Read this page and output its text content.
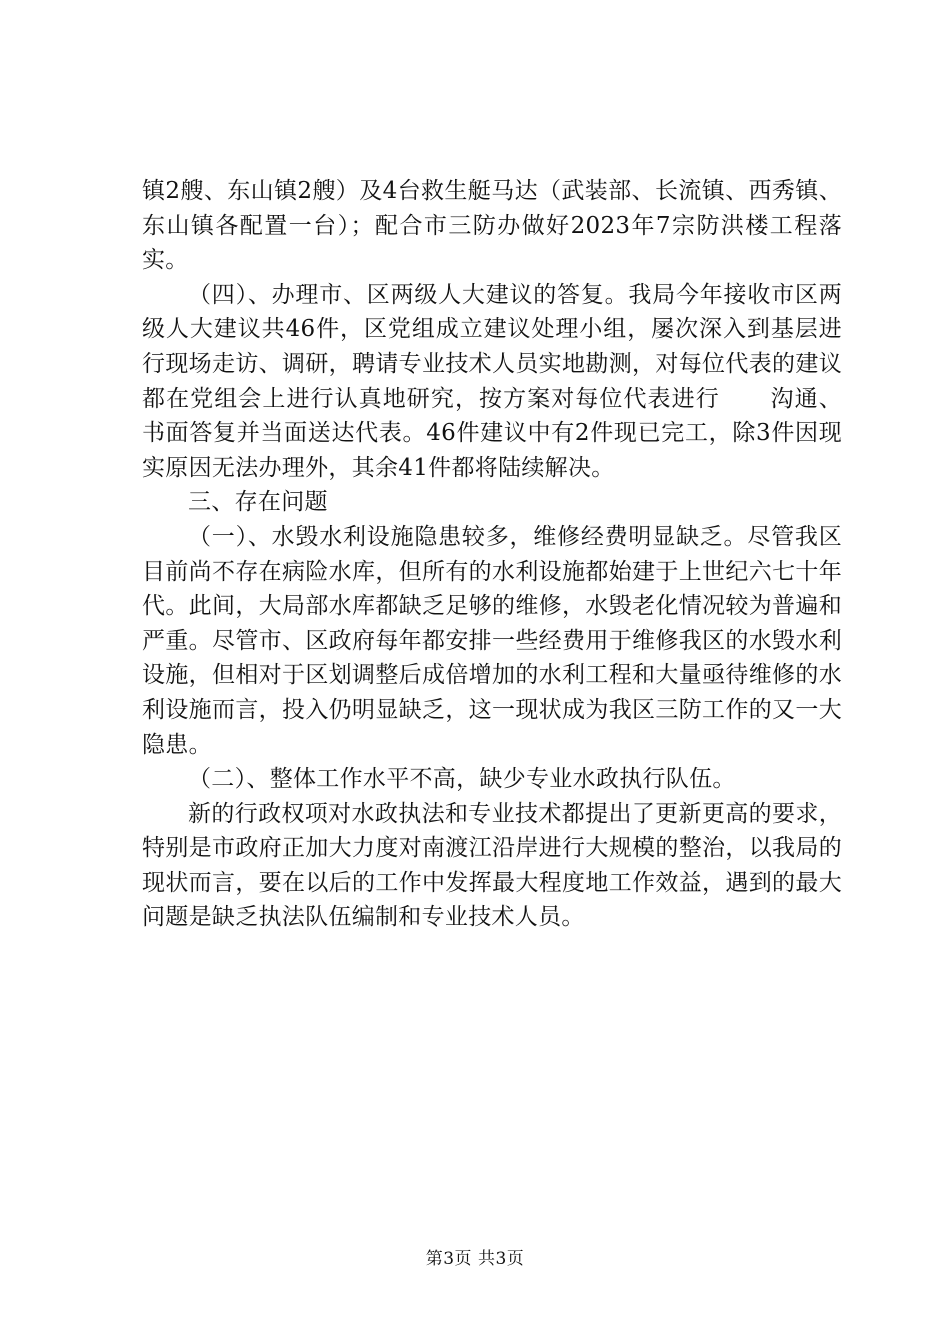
镇2艘、东山镇2艘）及4台救生艇马达（武装部、长流镇、西秀镇、东山镇各配置一台）；配合市三防办做好2023年7宗防洪楼工程落实。

（四）、办理市、区两级人大建议的答复。我局今年接收市区两级人大建议共46件，区党组成立建议处理小组，屡次深入到基层进行现场走访、调研，聘请专业技术人员实地勘测，对每位代表的建议都在党组会上进行认真地研究，按方案对每位代表进行 沟通、书面答复并当面送达代表。46件建议中有2件现已完工，除3件因现实原因无法办理外，其余41件都将陆续解决。

三、存在问题

（一）、水毁水利设施隐患较多，维修经费明显缺乏。尽管我区目前尚不存在病险水库，但所有的水利设施都始建于上世纪六七十年代。此间，大局部水库都缺乏足够的维修，水毁老化情况较为普遍和严重。尽管市、区政府每年都安排一些经费用于维修我区的水毁水利设施，但相对于区划调整后成倍增加的水利工程和大量亟待维修的水利设施而言，投入仍明显缺乏，这一现状成为我区三防工作的又一大隐患。

（二）、整体工作水平不高，缺少专业水政执行队伍。

新的行政权项对水政执法和专业技术都提出了更新更高的要求，特别是市政府正加大力度对南渡江沿岸进行大规模的整治，以我局的现状而言，要在以后的工作中发挥最大程度地工作效益，遇到的最大问题是缺乏执法队伍编制和专业技术人员。

第3页 共3页
